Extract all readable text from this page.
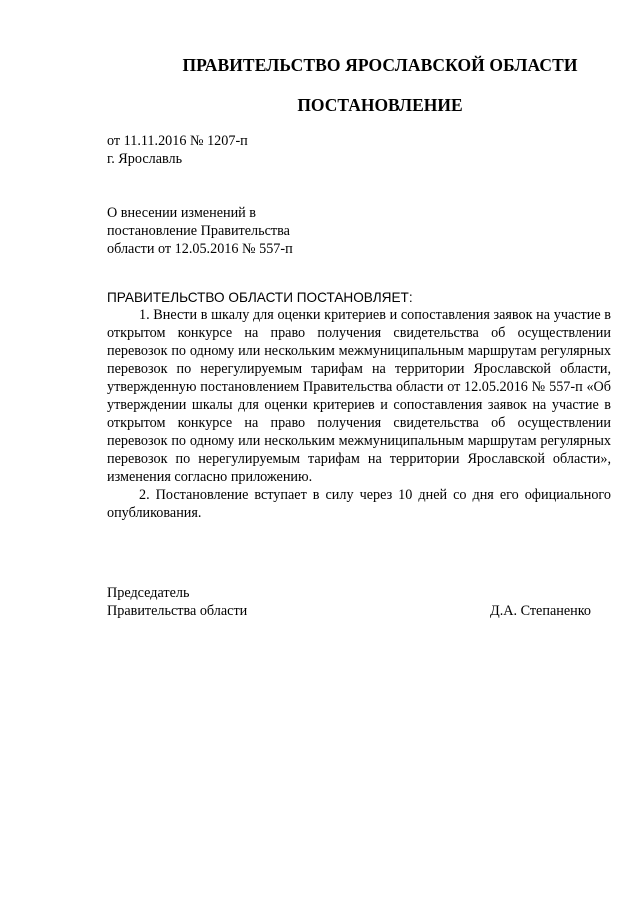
ПРАВИТЕЛЬСТВО ЯРОСЛАВСКОЙ ОБЛАСТИ
ПОСТАНОВЛЕНИЕ
от 11.11.2016 № 1207-п
г. Ярославль
О внесении изменений в
постановление Правительства
области от 12.05.2016 № 557-п
ПРАВИТЕЛЬСТВО ОБЛАСТИ ПОСТАНОВЛЯЕТ:

1. Внести в шкалу для оценки критериев и сопоставления заявок на участие в открытом конкурсе на право получения свидетельства об осуществлении перевозок по одному или нескольким межмуниципальным маршрутам регулярных перевозок по нерегулируемым тарифам на территории Ярославской области, утвержденную постановлением Правительства области от 12.05.2016 № 557-п «Об утверждении шкалы для оценки критериев и сопоставления заявок на участие в открытом конкурсе на право получения свидетельства об осуществлении перевозок по одному или нескольким межмуниципальным маршрутам регулярных перевозок по нерегулируемым тарифам на территории Ярославской области», изменения согласно приложению.

2. Постановление вступает в силу через 10 дней со дня его официального опубликования.

Председатель
Правительства области	Д.А. Степаненко
